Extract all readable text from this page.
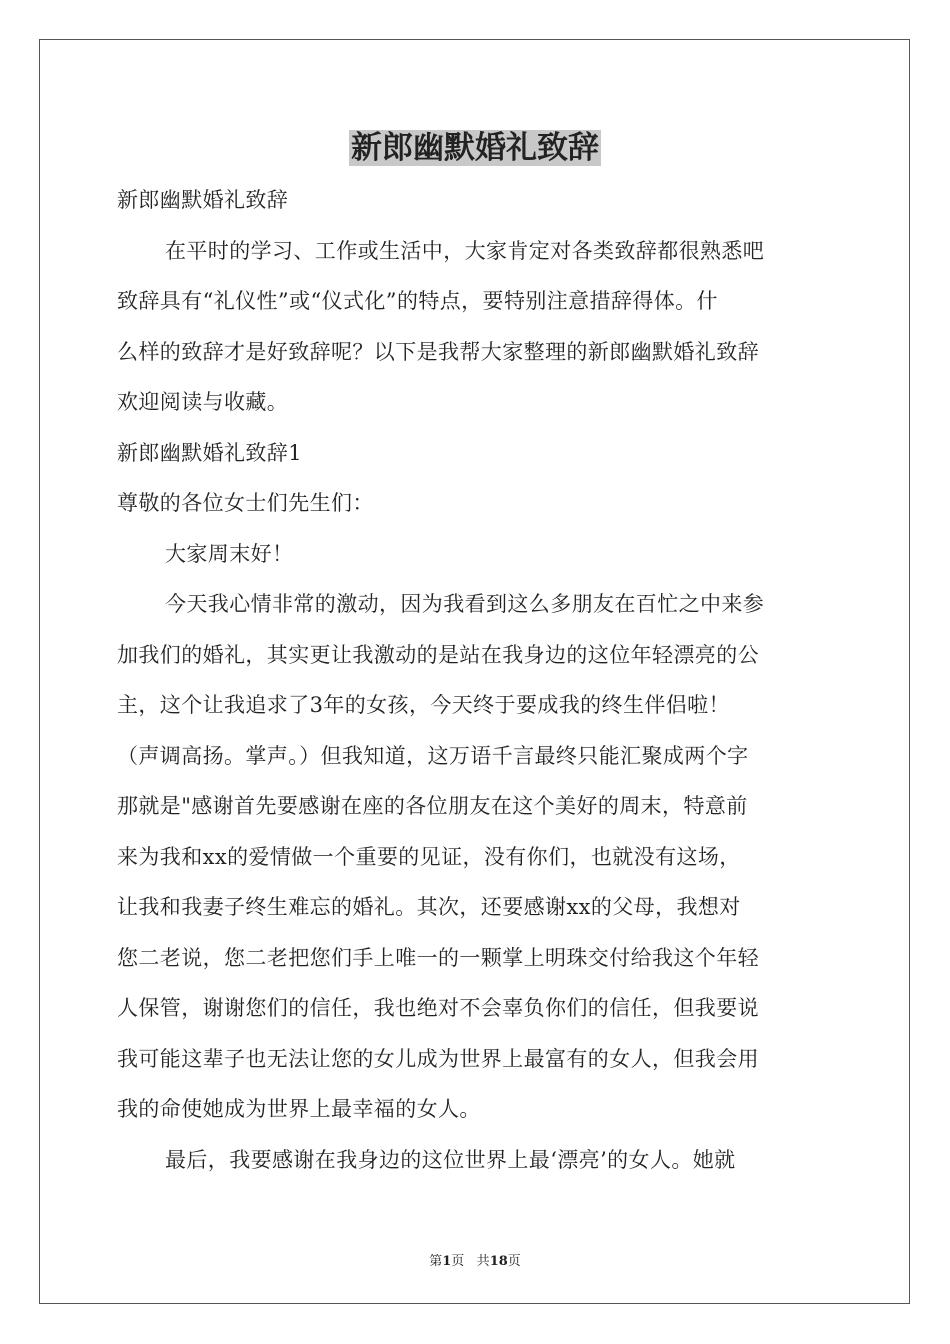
新郎幽默婚礼致辞
新郎幽默婚礼致辞
在平时的学习、工作或生活中，大家肯定对各类致辞都很熟悉吧
致辞具有“礼仪性”或“仪式化”的特点，要特别注意措辞得体。什
么样的致辞才是好致辞呢？以下是我帮大家整理的新郎幽默婚礼致辞
欢迎阅读与收藏。
新郎幽默婚礼致辞1
尊敬的各位女士们先生们：
大家周末好！
今天我心情非常的激动，因为我看到这么多朋友在百忙之中来参
加我们的婚礼，其实更让我激动的是站在我身边的这位年轻漂亮的公
主，这个让我追求了3年的女孩，今天终于要成我的终生伴侣啦！
（声调高扬。掌声。）但我知道，这万语千言最终只能汇聚成两个字
那就是"感谢首先要感谢在座的各位朋友在这个美好的周末，特意前
来为我和xx的爱情做一个重要的见证，没有你们，也就没有这场，
让我和我妻子终生难忘的婚礼。其次，还要感谢xx的父母，我想对
您二老说，您二老把您们手上唯一的一颗掌上明珠交付给我这个年轻
人保管，谢谢您们的信任，我也绝对不会辜负你们的信任，但我要说
我可能这辈子也无法让您的女儿成为世界上最富有的女人，但我会用
我的命使她成为世界上最幸福的女人。
最后，我要感谢在我身边的这位世界上最‘漂亮’的女人。她就
第1页 共18页
